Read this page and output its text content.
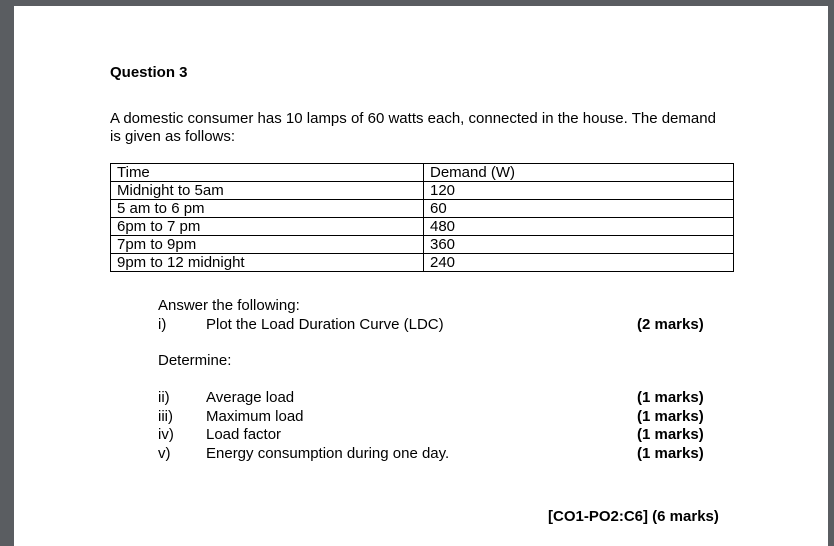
Question 3
A domestic consumer has 10 lamps of 60 watts each, connected in the house. The demand is given as follows:
Time	Demand (W)
Midnight to 5am	120
5 am to 6 pm	60
6pm to 7 pm	480
7pm to 9pm	360
9pm to 12 midnight	240
Answer the following:
i)	Plot the Load Duration Curve (LDC)	(2 marks)
Determine:
ii) Average load	(1 marks)
iii) Maximum load	(1 marks)
iv) Load factor	(1 marks)
v) Energy consumption during one day.	(1 marks)
[CO1-PO2:C6] (6 marks)
